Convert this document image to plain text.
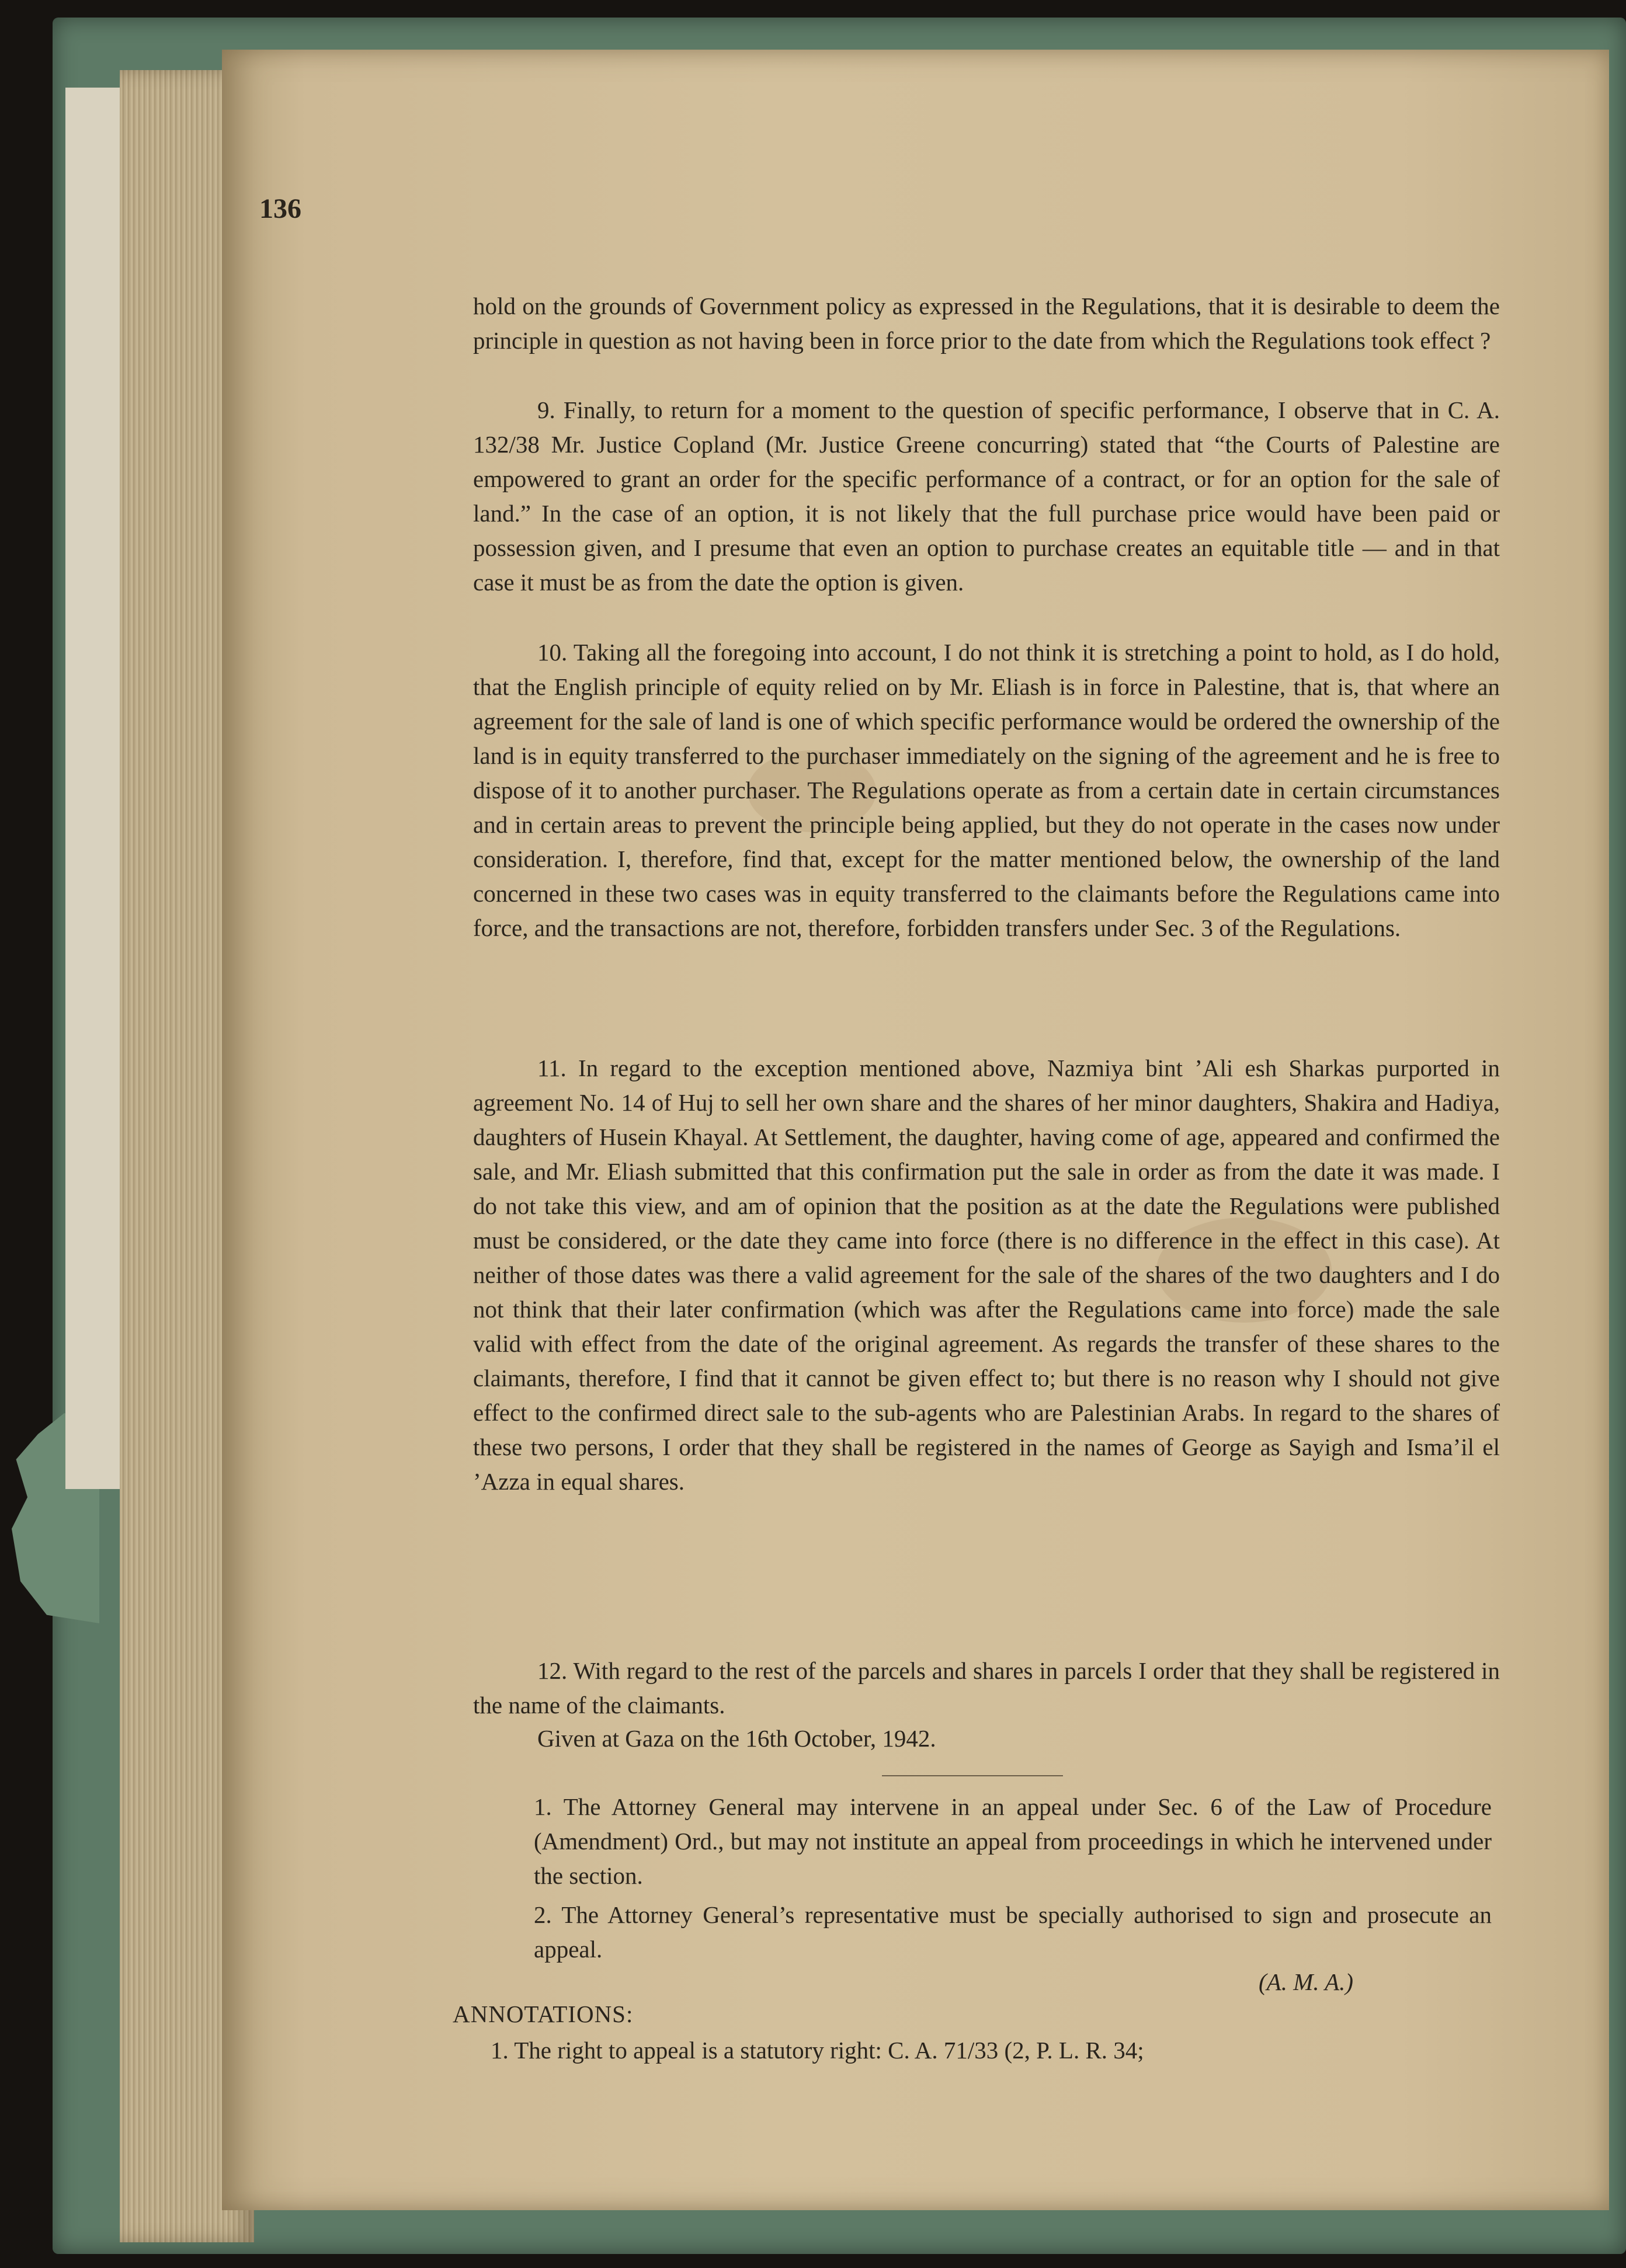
136

hold on the grounds of Government policy as expressed in the Regulations, that it is desirable to deem the principle in question as not having been in force prior to the date from which the Regulations took effect ?

9. Finally, to return for a moment to the question of specific performance, I observe that in C. A. 132/38 Mr. Justice Copland (Mr. Justice Greene concurring) stated that “the Courts of Palestine are empowered to grant an order for the specific performance of a contract, or for an option for the sale of land.” In the case of an option, it is not likely that the full purchase price would have been paid or possession given, and I presume that even an option to purchase creates an equitable title — and in that case it must be as from the date the option is given.

10. Taking all the foregoing into account, I do not think it is stretching a point to hold, as I do hold, that the English principle of equity relied on by Mr. Eliash is in force in Palestine, that is, that where an agreement for the sale of land is one of which specific performance would be ordered the ownership of the land is in equity transferred to the purchaser immediately on the signing of the agreement and he is free to dispose of it to another purchaser. The Regulations operate as from a certain date in certain circumstances and in certain areas to prevent the principle being applied, but they do not operate in the cases now under consideration. I, therefore, find that, except for the matter mentioned below, the ownership of the land concerned in these two cases was in equity transferred to the claimants before the Regulations came into force, and the transactions are not, therefore, forbidden transfers under Sec. 3 of the Regulations.

11. In regard to the exception mentioned above, Nazmiya bint ’Ali esh Sharkas purported in agreement No. 14 of Huj to sell her own share and the shares of her minor daughters, Shakira and Hadiya, daughters of Husein Khayal. At Settlement, the daughter, having come of age, appeared and confirmed the sale, and Mr. Eliash submitted that this confirmation put the sale in order as from the date it was made. I do not take this view, and am of opinion that the position as at the date the Regulations were published must be considered, or the date they came into force (there is no difference in the effect in this case). At neither of those dates was there a valid agreement for the sale of the shares of the two daughters and I do not think that their later confirmation (which was after the Regulations came into force) made the sale valid with effect from the date of the original agreement. As regards the transfer of these shares to the claimants, therefore, I find that it cannot be given effect to; but there is no reason why I should not give effect to the confirmed direct sale to the sub-agents who are Palestinian Arabs. In regard to the shares of these two persons, I order that they shall be registered in the names of George as Sayigh and Isma’il el ’Azza in equal shares.

12. With regard to the rest of the parcels and shares in parcels I order that they shall be registered in the name of the claimants.

Given at Gaza on the 16th October, 1942.

1. The Attorney General may intervene in an appeal under Sec. 6 of the Law of Procedure (Amendment) Ord., but may not institute an appeal from proceedings in which he intervened under the section.

2. The Attorney General’s representative must be specially authorised to sign and prosecute an appeal.

(A. M. A.)
ANNOTATIONS:
1. The right to appeal is a statutory right: C. A. 71/33 (2, P. L. R. 34;
